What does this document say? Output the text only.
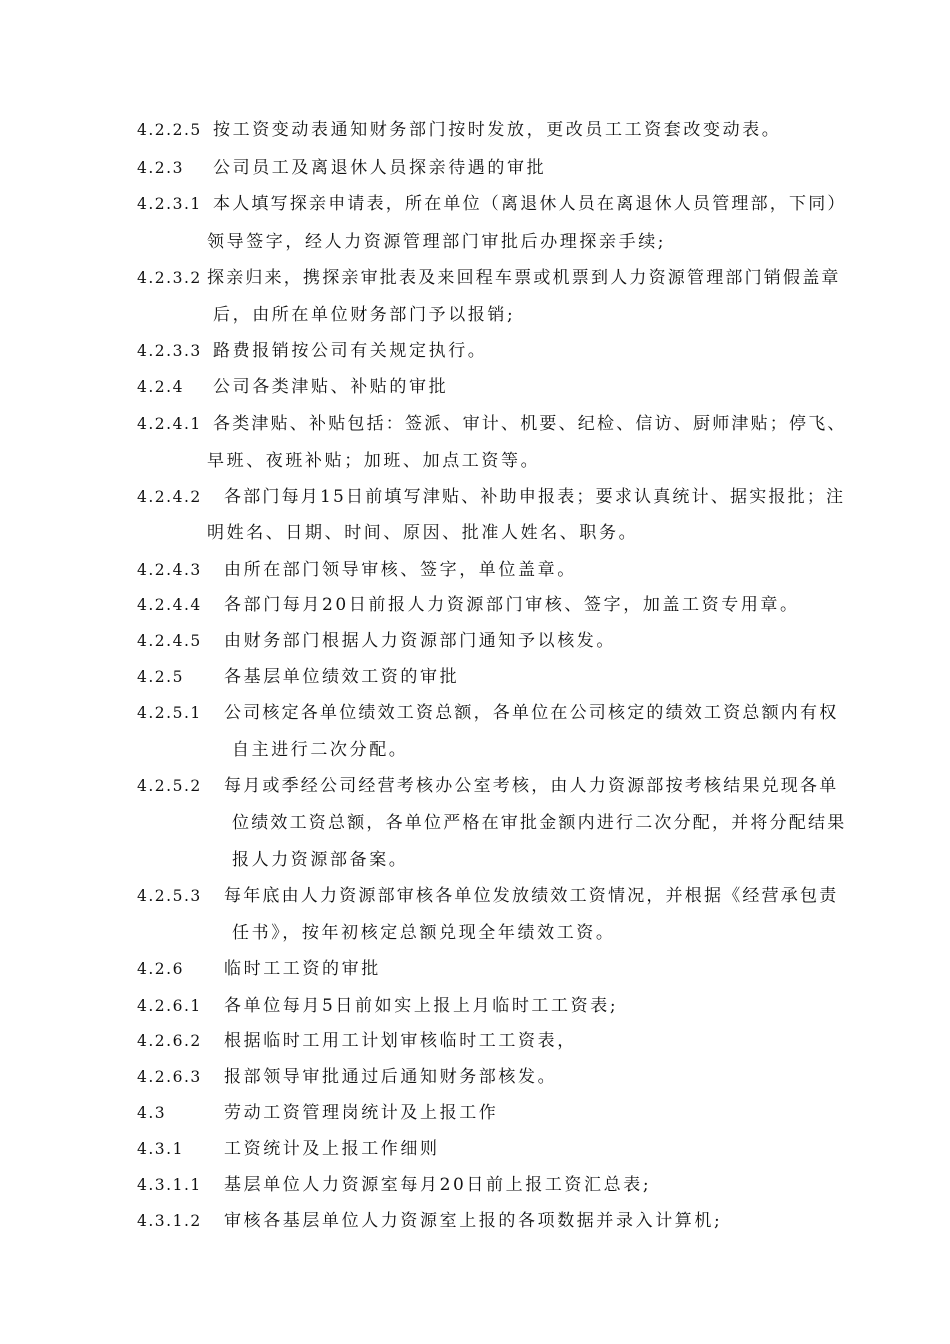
4.2.2.5 按工资变动表通知财务部门按时发放，更改员工工资套改变动表。
4.2.3 公司员工及离退休人员探亲待遇的审批
4.2.3.1 本人填写探亲申请表，所在单位（离退休人员在离退休人员管理部，下同）
领导签字，经人力资源管理部门审批后办理探亲手续;
4.2.3.2 探亲归来，携探亲审批表及来回程车票或机票到人力资源管理部门销假盖章
后，由所在单位财务部门予以报销;
4.2.3.3 路费报销按公司有关规定执行。
4.2.4 公司各类津贴、补贴的审批
4.2.4.1 各类津贴、补贴包括：签派、审计、机要、纪检、信访、厨师津贴；停飞、
早班、夜班补贴；加班、加点工资等。
4.2.4.2 各部门每月15日前填写津贴、补助申报表；要求认真统计、据实报批；注
明姓名、日期、时间、原因、批准人姓名、职务。
4.2.4.3 由所在部门领导审核、签字，单位盖章。
4.2.4.4 各部门每月20日前报人力资源部门审核、签字，加盖工资专用章。
4.2.4.5 由财务部门根据人力资源部门通知予以核发。
4.2.5 各基层单位绩效工资的审批
4.2.5.1 公司核定各单位绩效工资总额，各单位在公司核定的绩效工资总额内有权
自主进行二次分配。
4.2.5.2 每月或季经公司经营考核办公室考核，由人力资源部按考核结果兑现各单
位绩效工资总额，各单位严格在审批金额内进行二次分配，并将分配结果
报人力资源部备案。
4.2.5.3 每年底由人力资源部审核各单位发放绩效工资情况，并根据《经营承包责
任书》，按年初核定总额兑现全年绩效工资。
4.2.6 临时工工资的审批
4.2.6.1 各单位每月5日前如实上报上月临时工工资表;
4.2.6.2 根据临时工用工计划审核临时工工资表，
4.2.6.3 报部领导审批通过后通知财务部核发。
4.3	劳动工资管理岗统计及上报工作
4.3.1 工资统计及上报工作细则
4.3.1.1 基层单位人力资源室每月20日前上报工资汇总表;
4.3.1.2 审核各基层单位人力资源室上报的各项数据并录入计算机;
